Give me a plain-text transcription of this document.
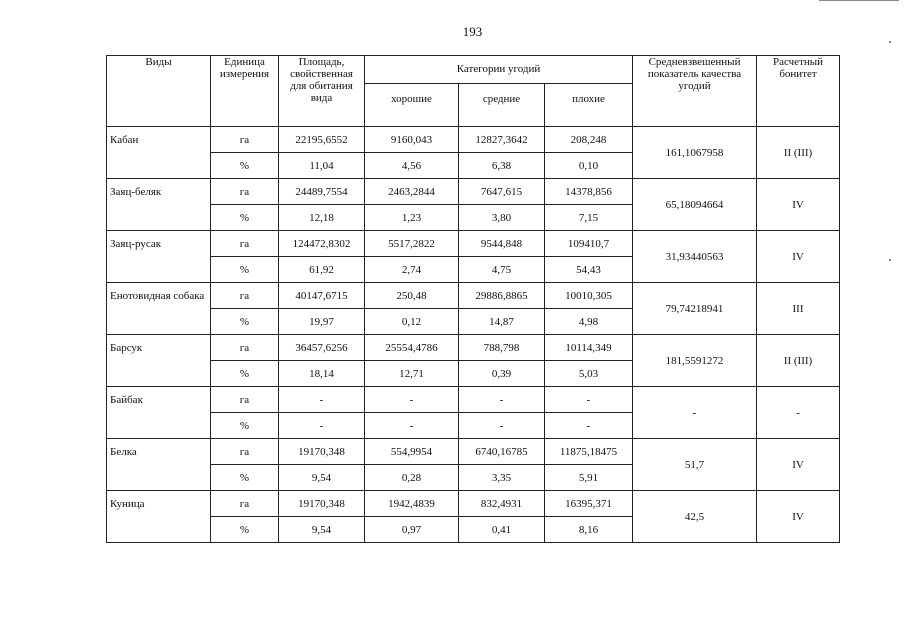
193
Виды	Единица измерения	Площадь, свойственная для обитания вида	Категории угодий			Средневзвешенный показатель качества угодий	Расчетный бонитет
			хорошие	средние	плохие		
Кабан	га	22195,6552	9160,043	12827,3642	208,248	161,1067958	II (III)
	%	11,04	4,56	6,38	0,10		
Заяц-беляк	га	24489,7554	2463,2844	7647,615	14378,856	65,18094664	IV
	%	12,18	1,23	3,80	7,15		
Заяц-русак	га	124472,8302	5517,2822	9544,848	109410,7	31,93440563	IV
	%	61,92	2,74	4,75	54,43		
Енотовидная собака	га	40147,6715	250,48	29886,8865	10010,305	79,74218941	III
	%	19,97	0,12	14,87	4,98		
Барсук	га	36457,6256	25554,4786	788,798	10114,349	181,5591272	II (III)
	%	18,14	12,71	0,39	5,03		
Байбак	га	-	-	-	-	-	-
	%	-	-	-	-		
Белка	га	19170,348	554,9954	6740,16785	11875,18475	51,7	IV
	%	9,54	0,28	3,35	5,91		
Куница	га	19170,348	1942,4839	832,4931	16395,371	42,5	IV
	%	9,54	0,97	0,41	8,16		
